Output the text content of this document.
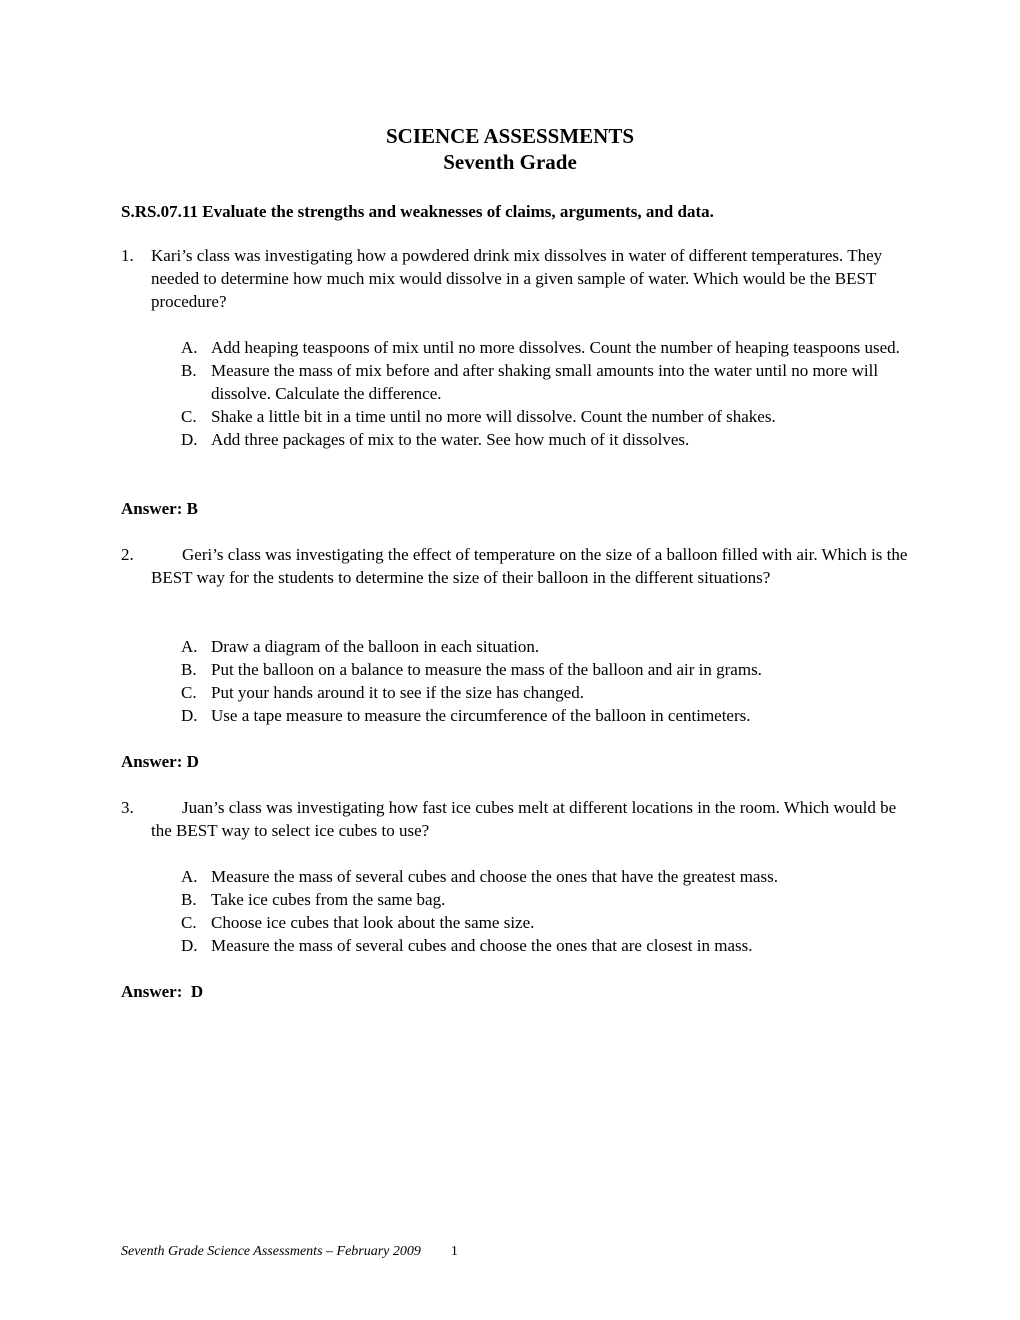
SCIENCE ASSESSMENTS
Seventh Grade
S.RS.07.11 Evaluate the strengths and weaknesses of claims, arguments, and data.
1. Kari’s class was investigating how a powdered drink mix dissolves in water of different temperatures. They needed to determine how much mix would dissolve in a given sample of water. Which would be the BEST procedure?
A. Add heaping teaspoons of mix until no more dissolves. Count the number of heaping teaspoons used.
B. Measure the mass of mix before and after shaking small amounts into the water until no more will dissolve. Calculate the difference.
C. Shake a little bit in a time until no more will dissolve. Count the number of shakes.
D. Add three packages of mix to the water. See how much of it dissolves.
Answer: B
2.	Geri’s class was investigating the effect of temperature on the size of a balloon filled with air. Which is the BEST way for the students to determine the size of their balloon in the different situations?
A. Draw a diagram of the balloon in each situation.
B. Put the balloon on a balance to measure the mass of the balloon and air in grams.
C. Put your hands around it to see if the size has changed.
D. Use a tape measure to measure the circumference of the balloon in centimeters.
Answer: D
3.	Juan’s class was investigating how fast ice cubes melt at different locations in the room. Which would be the BEST way to select ice cubes to use?
A. Measure the mass of several cubes and choose the ones that have the greatest mass.
B. Take ice cubes from the same bag.
C. Choose ice cubes that look about the same size.
D. Measure the mass of several cubes and choose the ones that are closest in mass.
Answer:  D
Seventh Grade Science Assessments – February 2009 1
